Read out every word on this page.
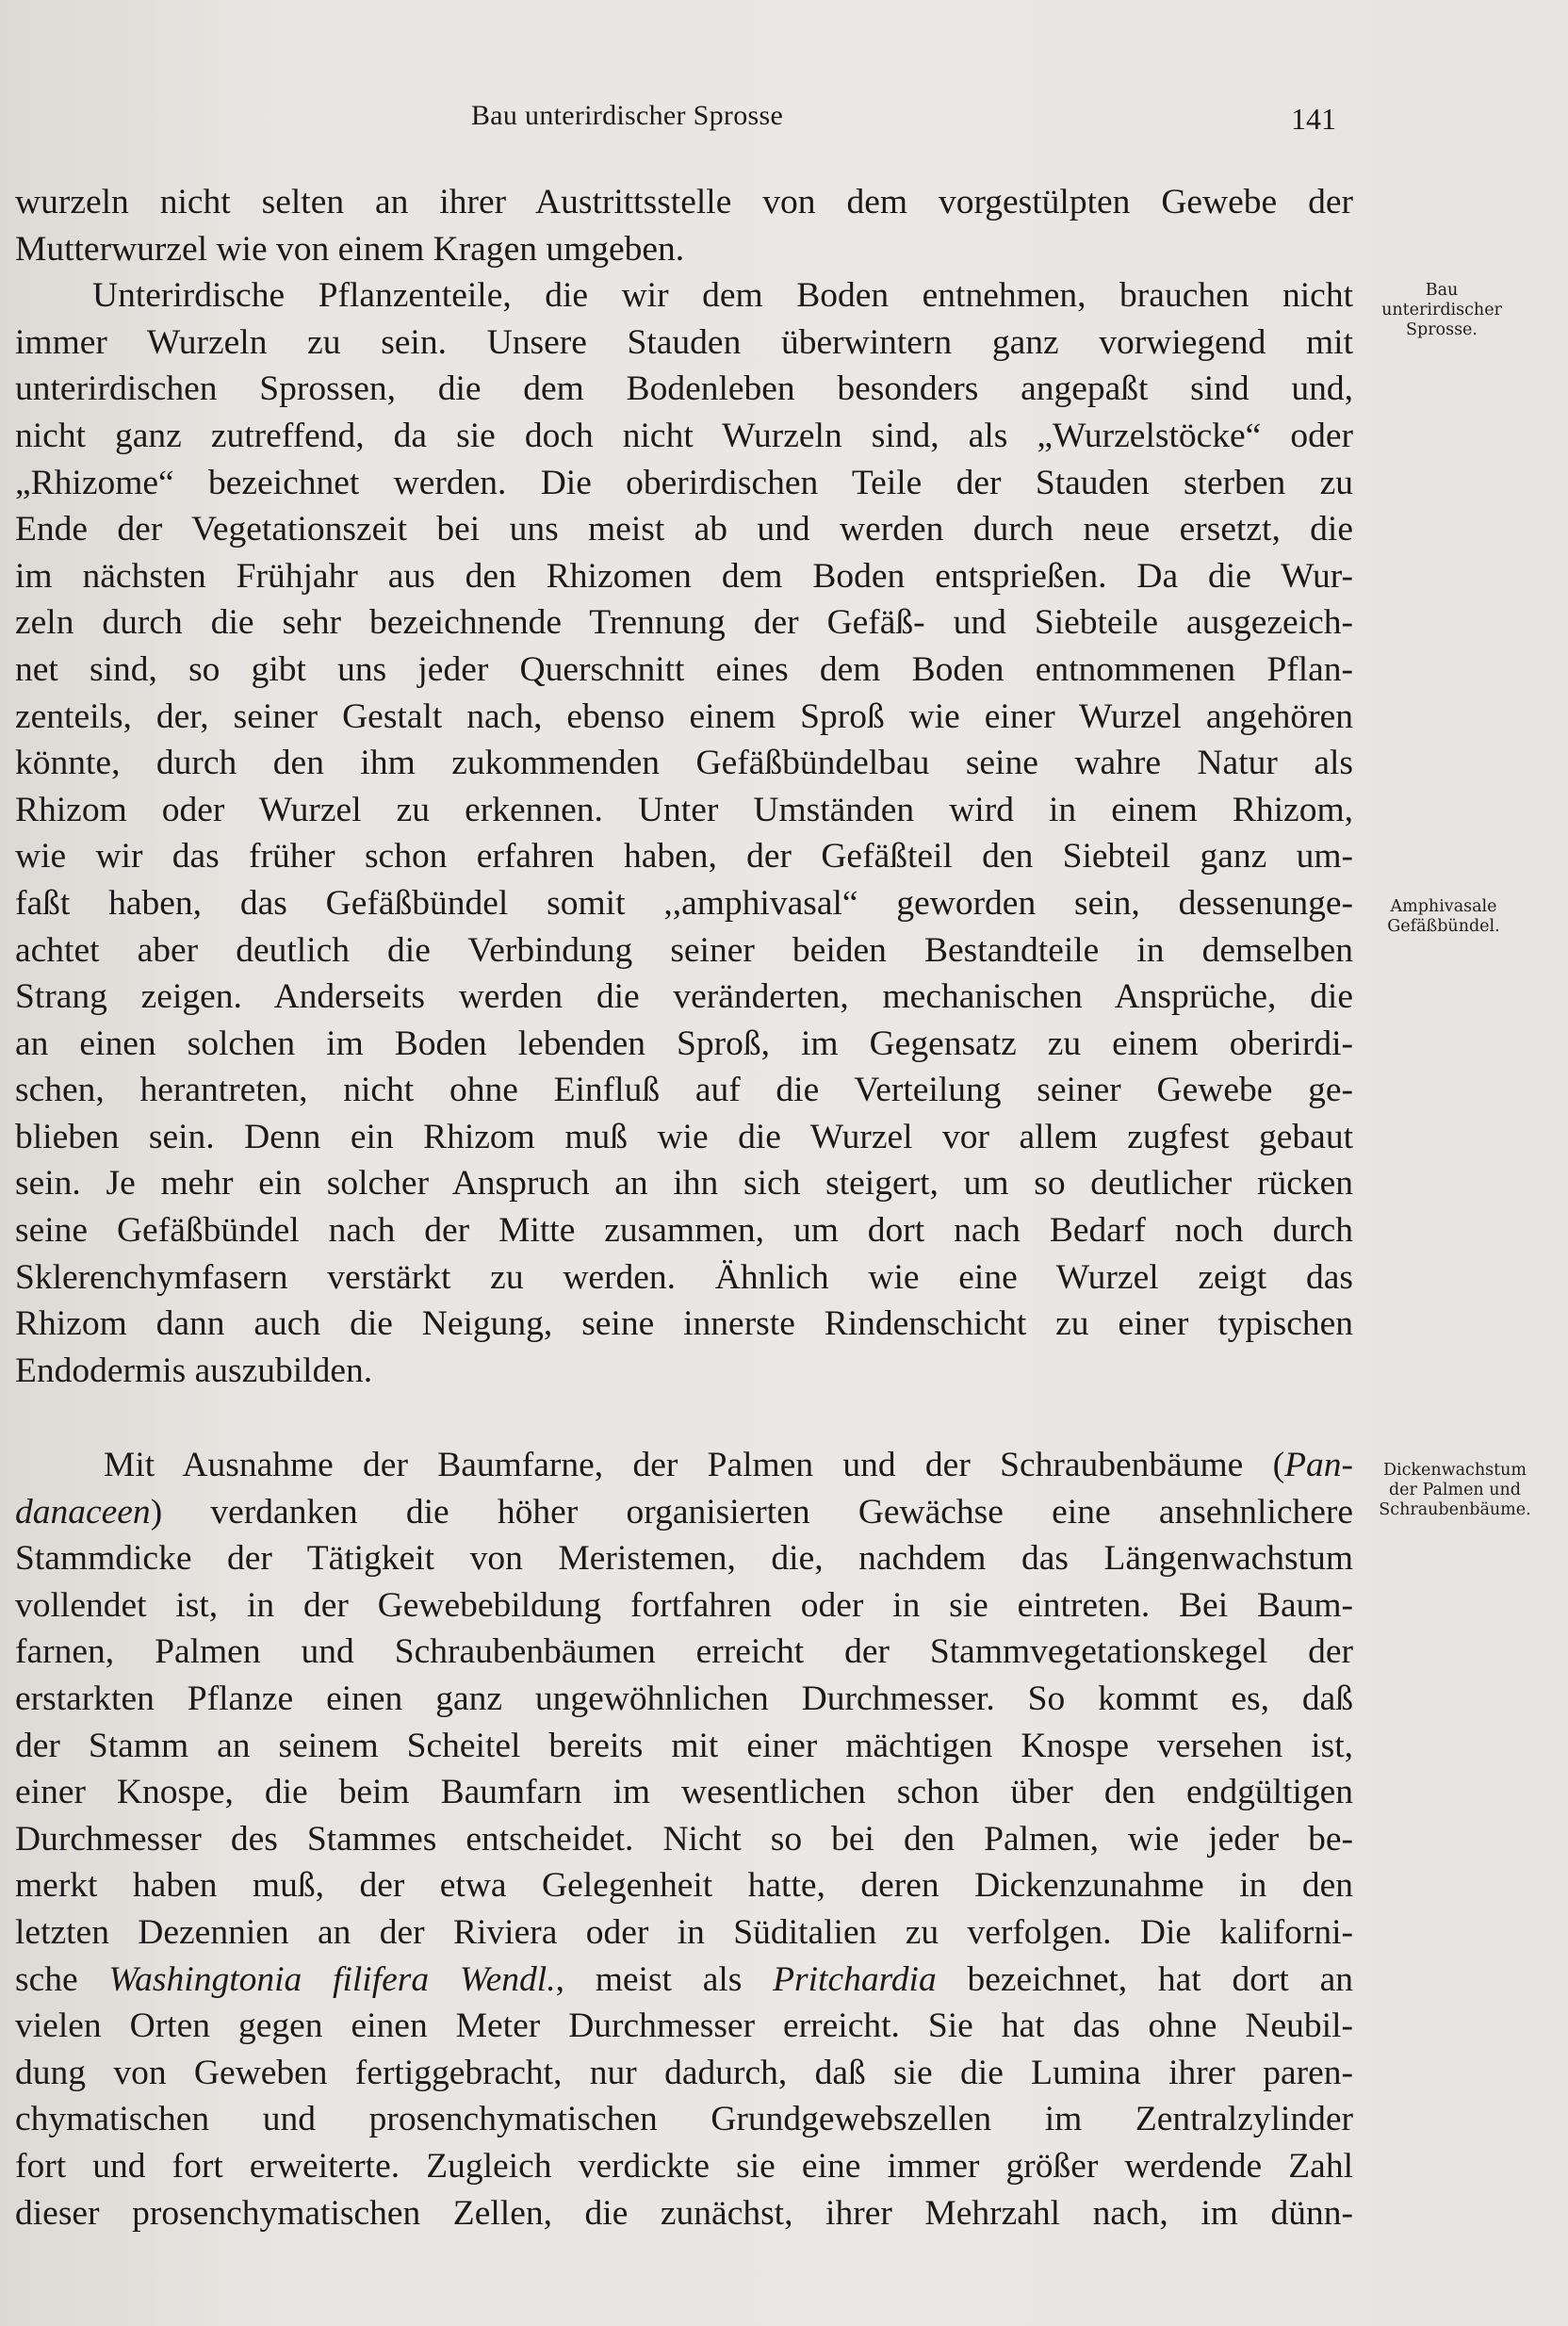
Bau unterirdischer Sprosse	141

wurzeln nicht selten an ihrer Austrittsstelle von dem vorgestülpten Gewebe der
Mutterwurzel wie von einem Kragen umgeben.

Unterirdische Pflanzenteile, die wir dem Boden entnehmen, brauchen nicht
immer Wurzeln zu sein. Unsere Stauden überwintern ganz vorwiegend mit
unterirdischen Sprossen, die dem Bodenleben besonders angepaßt sind und,
nicht ganz zutreffend, da sie doch nicht Wurzeln sind, als „Wurzelstöcke“ oder
„Rhizome“ bezeichnet werden. Die oberirdischen Teile der Stauden sterben zu
Ende der Vegetationszeit bei uns meist ab und werden durch neue ersetzt, die
im nächsten Frühjahr aus den Rhizomen dem Boden entsprießen. Da die Wur-
zeln durch die sehr bezeichnende Trennung der Gefäß- und Siebteile ausgezeich-
net sind, so gibt uns jeder Querschnitt eines dem Boden entnommenen Pflan-
zenteils, der, seiner Gestalt nach, ebenso einem Sproß wie einer Wurzel angehören
könnte, durch den ihm zukommenden Gefäßbündelbau seine wahre Natur als
Rhizom oder Wurzel zu erkennen. Unter Umständen wird in einem Rhizom,
wie wir das früher schon erfahren haben, der Gefäßteil den Siebteil ganz um-
faßt haben, das Gefäßbündel somit ,,amphivasal“ geworden sein, dessenunge-
achtet aber deutlich die Verbindung seiner beiden Bestandteile in demselben
Strang zeigen. Anderseits werden die veränderten, mechanischen Ansprüche, die
an einen solchen im Boden lebenden Sproß, im Gegensatz zu einem oberirdi-
schen, herantreten, nicht ohne Einfluß auf die Verteilung seiner Gewebe ge-
blieben sein. Denn ein Rhizom muß wie die Wurzel vor allem zugfest gebaut
sein. Je mehr ein solcher Anspruch an ihn sich steigert, um so deutlicher rücken
seine Gefäßbündel nach der Mitte zusammen, um dort nach Bedarf noch durch
Sklerenchymfasern verstärkt zu werden. Ähnlich wie eine Wurzel zeigt das
Rhizom dann auch die Neigung, seine innerste Rindenschicht zu einer typischen
Endodermis auszubilden.

Mit Ausnahme der Baumfarne, der Palmen und der Schraubenbäume (Pan-
danaceen) verdanken die höher organisierten Gewächse eine ansehnlichere
Stammdicke der Tätigkeit von Meristemen, die, nachdem das Längenwachstum
vollendet ist, in der Gewebebildung fortfahren oder in sie eintreten. Bei Baum-
farnen, Palmen und Schraubenbäumen erreicht der Stammvegetationskegel der
erstarkten Pflanze einen ganz ungewöhnlichen Durchmesser. So kommt es, daß
der Stamm an seinem Scheitel bereits mit einer mächtigen Knospe versehen ist,
einer Knospe, die beim Baumfarn im wesentlichen schon über den endgültigen
Durchmesser des Stammes entscheidet. Nicht so bei den Palmen, wie jeder be-
merkt haben muß, der etwa Gelegenheit hatte, deren Dickenzunahme in den
letzten Dezennien an der Riviera oder in Süditalien zu verfolgen. Die kaliforni-
sche Washingtonia filifera Wendl., meist als Pritchardia bezeichnet, hat dort an
vielen Orten gegen einen Meter Durchmesser erreicht. Sie hat das ohne Neubil-
dung von Geweben fertiggebracht, nur dadurch, daß sie die Lumina ihrer paren-
chymatischen und prosenchymatischen Grundgewebszellen im Zentralzylinder
fort und fort erweiterte. Zugleich verdickte sie eine immer größer werdende Zahl
dieser prosenchymatischen Zellen, die zunächst, ihrer Mehrzahl nach, im dünn-

Bau
unterirdischer
Sprosse.
Amphivasale
Gefäßbündel.
Dickenwachstum
der Palmen und
Schraubenbäume.
